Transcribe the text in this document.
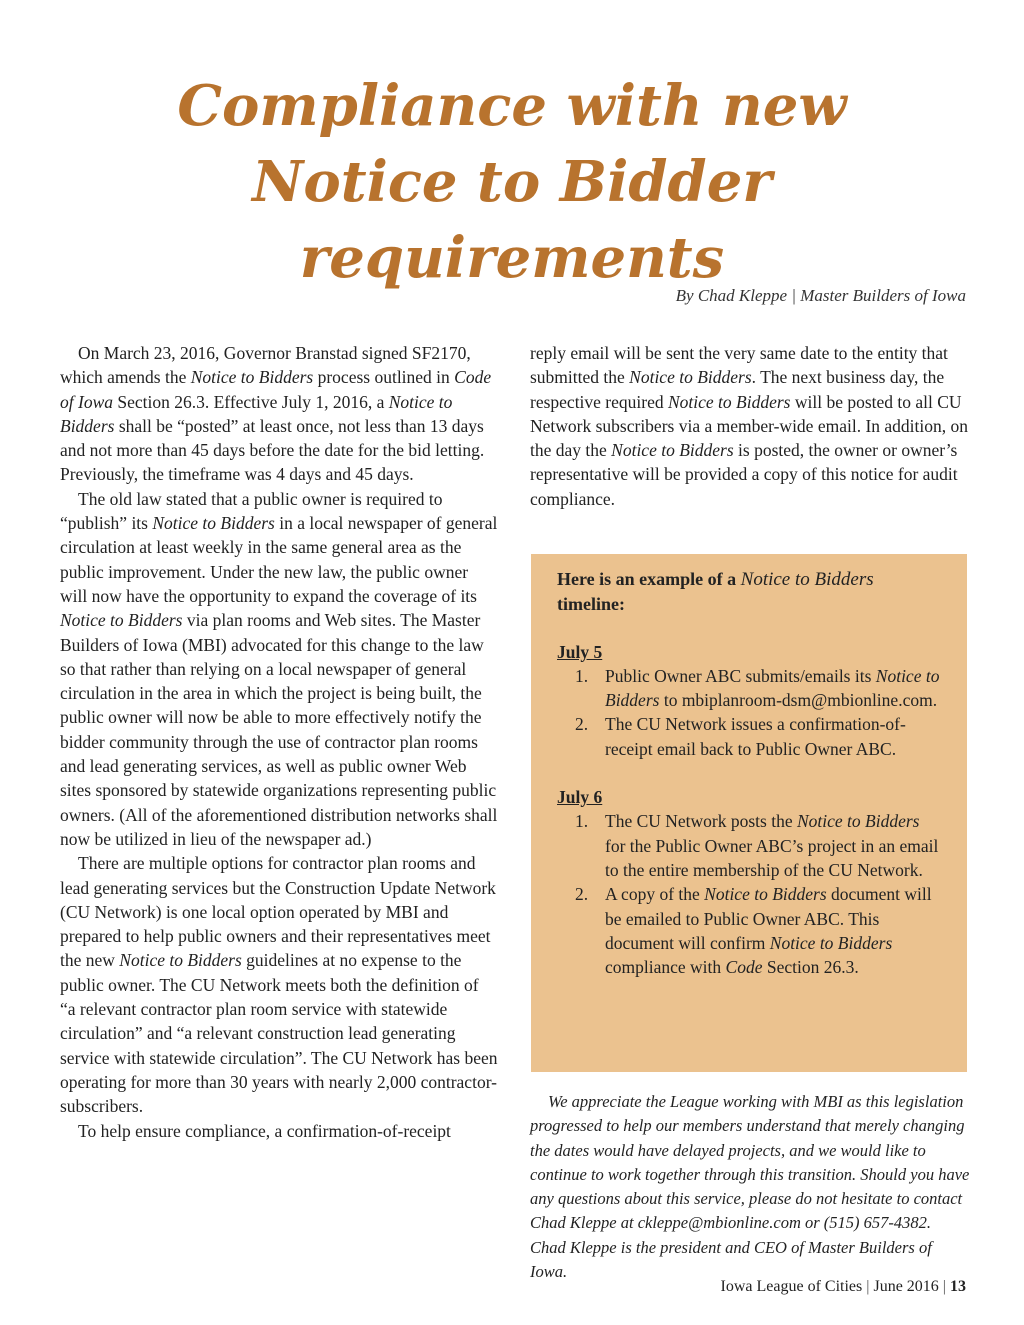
Compliance with new
Notice to Bidder
requirements
By Chad Kleppe | Master Builders of Iowa

On March 23, 2016, Governor Branstad signed SF2170, which amends the Notice to Bidders process outlined in Code of Iowa Section 26.3. Effective July 1, 2016, a Notice to Bidders shall be “posted” at least once, not less than 13 days and not more than 45 days before the date for the bid letting. Previously, the timeframe was 4 days and 45 days.

The old law stated that a public owner is required to “publish” its Notice to Bidders in a local newspaper of general circulation at least weekly in the same general area as the public improvement. Under the new law, the public owner will now have the opportunity to expand the coverage of its Notice to Bidders via plan rooms and Web sites. The Master Builders of Iowa (MBI) advocated for this change to the law so that rather than relying on a local newspaper of general circulation in the area in which the project is being built, the public owner will now be able to more effectively notify the bidder community through the use of contractor plan rooms and lead generating services, as well as public owner Web sites sponsored by statewide organizations representing public owners. (All of the aforementioned distribution networks shall now be utilized in lieu of the newspaper ad.)

There are multiple options for contractor plan rooms and lead generating services but the Construction Update Network (CU Network) is one local option operated by MBI and prepared to help public owners and their representatives meet the new Notice to Bidders guidelines at no expense to the public owner. The CU Network meets both the definition of “a relevant contractor plan room service with statewide circulation” and “a relevant construction lead generating service with statewide circulation”. The CU Network has been operating for more than 30 years with nearly 2,000 contractor- subscribers.

To help ensure compliance, a confirmation-of-receipt

reply email will be sent the very same date to the entity that submitted the Notice to Bidders. The next business day, the respective required Notice to Bidders will be posted to all CU Network subscribers via a member-wide email. In addition, on the day the Notice to Bidders is posted, the owner or owner’s representative will be provided a copy of this notice for audit compliance.

Here is an example of a Notice to Bidders
timeline:

July 5

1. Public Owner ABC submits/emails its Notice to Bidders to mbiplanroom-dsm@mbionline.com.
2. The CU Network issues a confirmation-of-receipt email back to Public Owner ABC.

July 6

1. The CU Network posts the Notice to Bidders for the Public Owner ABC’s project in an email to the entire membership of the CU Network.
2. A copy of the Notice to Bidders document will be emailed to Public Owner ABC. This document will confirm Notice to Bidders compliance with Code Section 26.3.

We appreciate the League working with MBI as this legislation progressed to help our members understand that merely changing the dates would have delayed projects, and we would like to continue to work together through this transition. Should you have any questions about this service, please do not hesitate to contact Chad Kleppe at ckleppe@mbionline.com or (515) 657-4382. Chad Kleppe is the president and CEO of Master Builders of Iowa.

Iowa League of Cities | June 2016 | 13
